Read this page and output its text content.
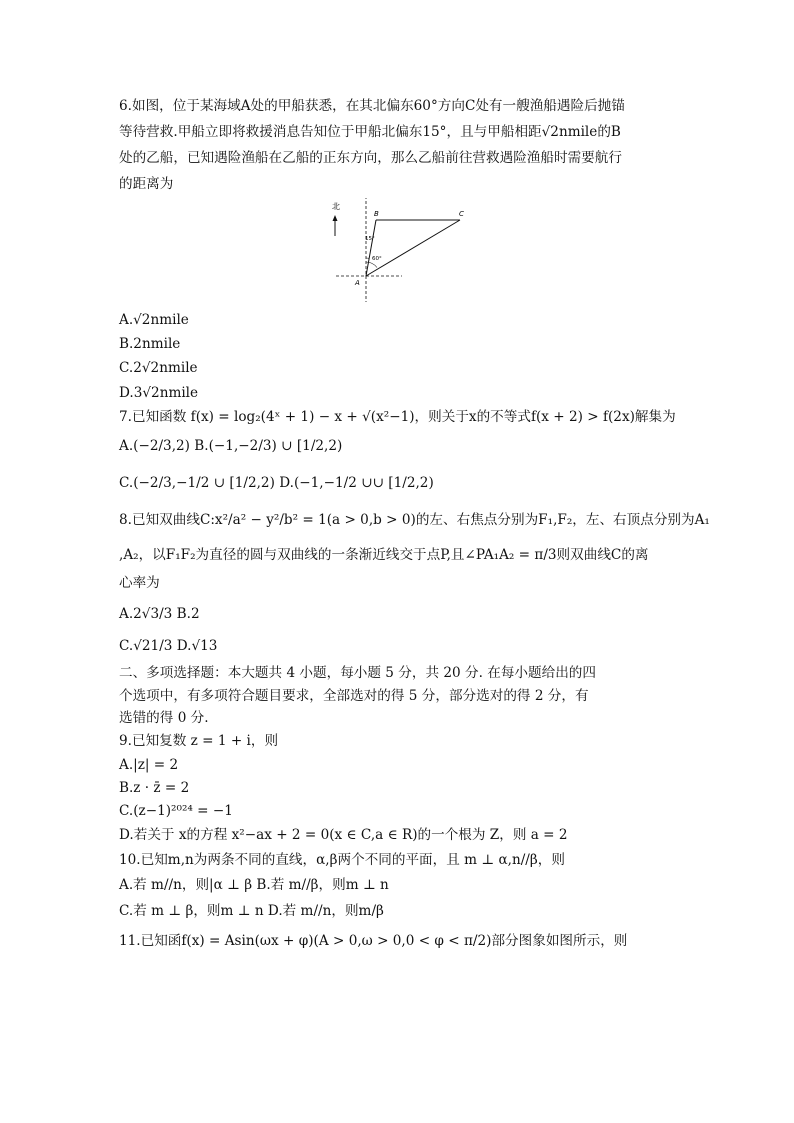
6.如图，位于某海域A处的甲船获悉，在其北偏东60°方向C处有一艘渔船遇险后抛锚
等待营救.甲船立即将救援消息告知位于甲船北偏东15°，且与甲船相距√2nmile的B
处的乙船，已知遇险渔船在乙船的正东方向，那么乙船前往营救遇险渔船时需要航行
的距离为
北
B	C
A
15°
60°
A.√2nmile
B.2nmile
C.2√2nmile
D.3√2nmile
7.已知函数 f(x) = log₂(4ˣ + 1) − x + √(x²−1)，则关于x的不等式f(x + 2) > f(2x)解集为
A.(−2/3,2) B.(−1,−2/3) ∪ [1/2,2)
C.(−2/3,−1/2 ∪ [1/2,2) D.(−1,−1/2 ∪∪ [1/2,2)
8.已知双曲线C:x²/a² − y²/b² = 1(a > 0,b > 0)的左、右焦点分别为F₁,F₂，左、右顶点分别为A₁
,A₂，以F₁F₂为直径的圆与双曲线的一条渐近线交于点P,且∠PA₁A₂ = π/3则双曲线C的离
心率为
A.2√3/3 B.2
C.√21/3 D.√13
二、多项选择题：本大题共 4 小题，每小题 5 分，共 20 分. 在每小题给出的四
个选项中，有多项符合题目要求，全部选对的得 5 分，部分选对的得 2 分，有
选错的得 0 分.
9.已知复数 z = 1 + i，则
A.|z| = 2
B.z · z̄ = 2
C.(z−1)²⁰²⁴ = −1
D.若关于 x的方程 x²−ax + 2 = 0(x ∈ C,a ∈ R)的一个根为 Z，则 a = 2
10.已知m,n为两条不同的直线，α,β两个不同的平面，且 m ⊥ α,n//β，则
A.若 m//n，则|α ⊥ β B.若 m//β，则m ⊥ n
C.若 m ⊥ β，则m ⊥ n D.若 m//n，则m/β
11.已知函f(x) = Asin(ωx + φ)(A > 0,ω > 0,0 < φ < π/2)部分图象如图所示，则
